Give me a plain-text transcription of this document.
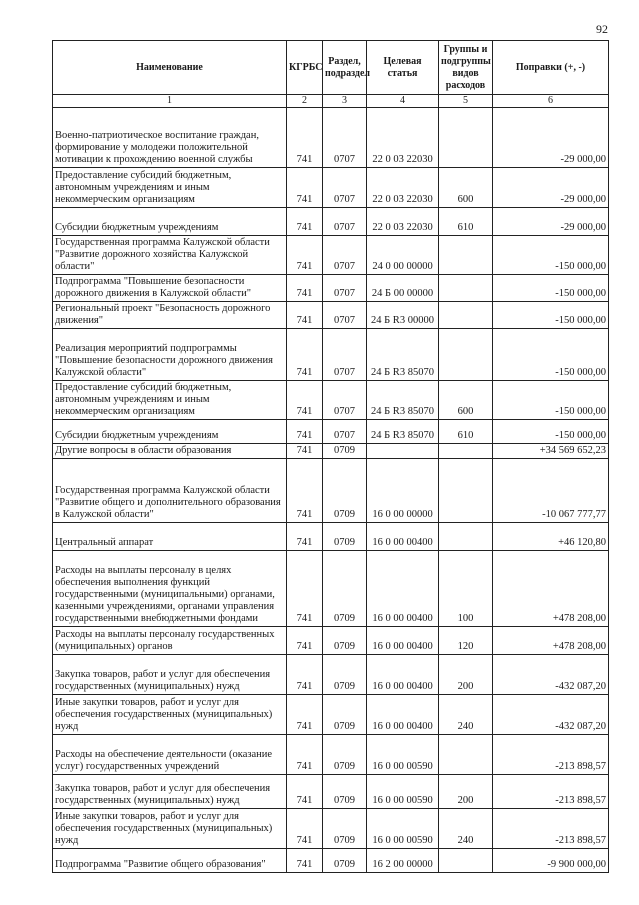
92
Наименование	КГРБС	Раздел, подраздел	Целевая статья	Группы и подгруппы видов расходов	Поправки (+, -)
1	2	3	4	5	6
Военно-патриотическое воспитание граждан, формирование у молодежи положительной мотивации к прохождению военной службы	741	0707	22 0 03 22030		-29 000,00
Предоставление субсидий бюджетным, автономным учреждениям и иным некоммерческим организациям	741	0707	22 0 03 22030	600	-29 000,00
Субсидии бюджетным учреждениям	741	0707	22 0 03 22030	610	-29 000,00
Государственная программа Калужской области "Развитие дорожного хозяйства Калужской области"	741	0707	24 0 00 00000		-150 000,00
Подпрограмма "Повышение безопасности дорожного движения в Калужской области"	741	0707	24 Б 00 00000		-150 000,00
Региональный проект "Безопасность дорожного движения"	741	0707	24 Б R3 00000		-150 000,00
Реализация мероприятий подпрограммы "Повышение безопасности дорожного движения Калужской области"	741	0707	24 Б R3 85070		-150 000,00
Предоставление субсидий бюджетным, автономным учреждениям и иным некоммерческим организациям	741	0707	24 Б R3 85070	600	-150 000,00
Субсидии бюджетным учреждениям	741	0707	24 Б R3 85070	610	-150 000,00
Другие вопросы в области образования	741	0709			+34 569 652,23
Государственная программа Калужской области "Развитие общего и дополнительного образования в Калужской области"	741	0709	16 0 00 00000		-10 067 777,77
Центральный аппарат	741	0709	16 0 00 00400		+46 120,80
Расходы на выплаты персоналу в целях обеспечения выполнения функций государственными (муниципальными) органами, казенными учреждениями, органами управления государственными внебюджетными фондами	741	0709	16 0 00 00400	100	+478 208,00
Расходы на выплаты персоналу государственных (муниципальных) органов	741	0709	16 0 00 00400	120	+478 208,00
Закупка товаров, работ и услуг для обеспечения государственных (муниципальных) нужд	741	0709	16 0 00 00400	200	-432 087,20
Иные закупки товаров, работ и услуг для обеспечения государственных (муниципальных) нужд	741	0709	16 0 00 00400	240	-432 087,20
Расходы на обеспечение деятельности (оказание услуг) государственных учреждений	741	0709	16 0 00 00590		-213 898,57
Закупка товаров, работ и услуг для обеспечения государственных (муниципальных) нужд	741	0709	16 0 00 00590	200	-213 898,57
Иные закупки товаров, работ и услуг для обеспечения государственных (муниципальных) нужд	741	0709	16 0 00 00590	240	-213 898,57
Подпрограмма "Развитие общего образования"	741	0709	16 2 00 00000		-9 900 000,00
